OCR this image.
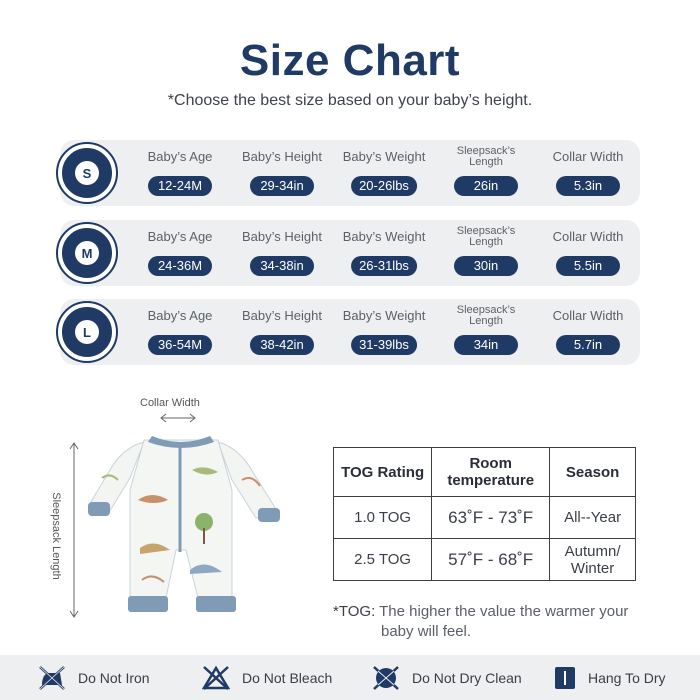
Size Chart
*Choose the best size based on your baby’s height.
S
Baby’s Age
12-24M
Baby’s Height
29-34in
Baby’s Weight
20-26lbs
Sleepsack’s
Length
26in
Collar Width
5.3in
M
Baby’s Age
24-36M
Baby’s Height
34-38in
Baby’s Weight
26-31lbs
Sleepsack’s
Length
30in
Collar Width
5.5in
L
Baby’s Age
36-54M
Baby’s Height
38-42in
Baby’s Weight
31-39lbs
Sleepsack’s
Length
34in
Collar Width
5.7in
Collar Width
Sleepsack Length
TOG Rating	Room temperature	Season
1.0 TOG	63˚F - 73˚F	All--Year
2.5 TOG	57˚F - 68˚F	Autumn/ Winter
*TOG: The higher the value the warmer your
baby will feel.
Do Not Iron	Do Not Bleach	Do Not Dry Clean	Hang To Dry
